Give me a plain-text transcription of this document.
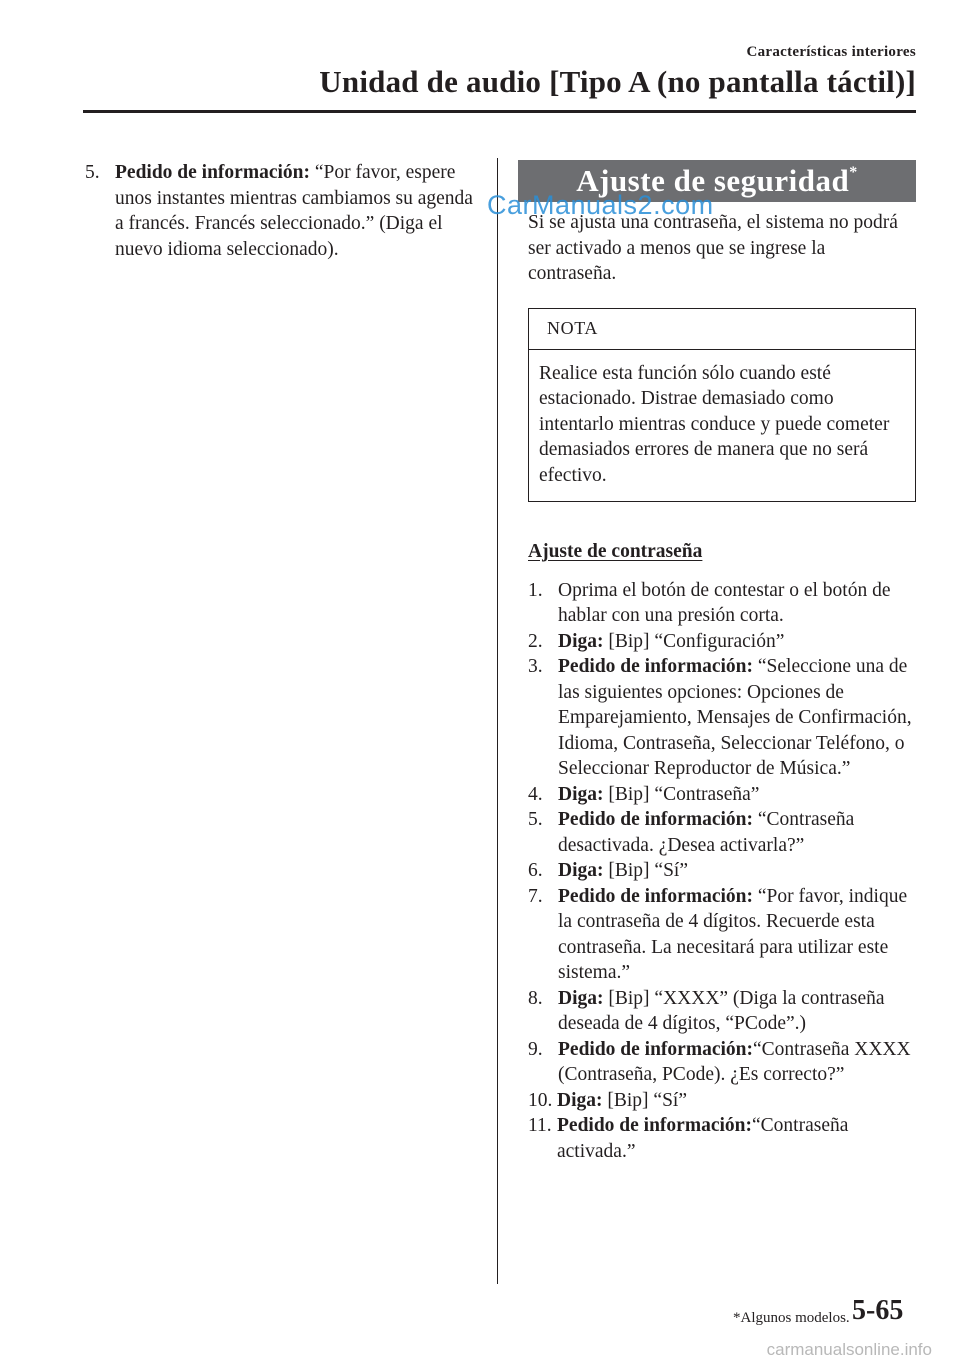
Características interiores
Unidad de audio [Tipo A (no pantalla táctil)]
5. Pedido de información: “Por favor, espere unos instantes mientras cambiamos su agenda a francés. Francés seleccionado.” (Diga el nuevo idioma seleccionado).
Ajuste de seguridad*
Si se ajusta una contraseña, el sistema no podrá ser activado a menos que se ingrese la contraseña.
NOTA
Realice esta función sólo cuando esté estacionado. Distrae demasiado como intentarlo mientras conduce y puede cometer demasiados errores de manera que no será efectivo.
Ajuste de contraseña
1. Oprima el botón de contestar o el botón de hablar con una presión corta.
2. Diga: [Bip] “Configuración”
3. Pedido de información: “Seleccione una de las siguientes opciones: Opciones de Emparejamiento, Mensajes de Confirmación, Idioma, Contraseña, Seleccionar Teléfono, o Seleccionar Reproductor de Música.”
4. Diga: [Bip] “Contraseña”
5. Pedido de información: “Contraseña desactivada. ¿Desea activarla?”
6. Diga: [Bip] “Sí”
7. Pedido de información: “Por favor, indique la contraseña de 4 dígitos. Recuerde esta contraseña. La necesitará para utilizar este sistema.”
8. Diga: [Bip] “XXXX” (Diga la contraseña deseada de 4 dígitos, “PCode”.)
9. Pedido de información:“Contraseña XXXX (Contraseña, PCode). ¿Es correcto?”
10. Diga: [Bip] “Sí”
11. Pedido de información:“Contraseña activada.”
CarManuals2.com
*Algunos modelos. 5-65
carmanualsonline.info
